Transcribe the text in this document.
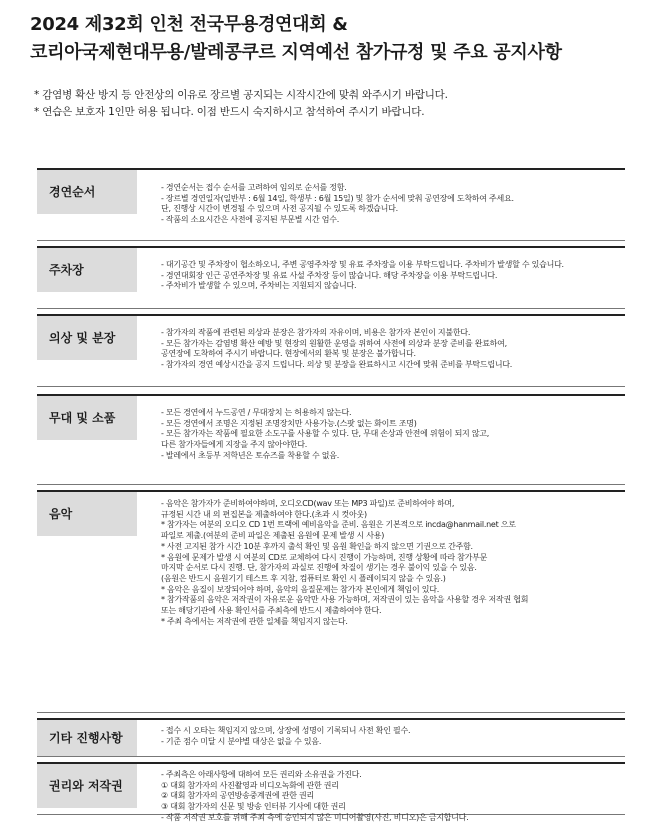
2024 제32회 인천 전국무용경연대회 &
코리아국제현대무용/발레콩쿠르 지역예선 참가규정 및 주요 공지사항
* 감염병 확산 방지 등 안전상의 이유로 장르별 공지되는 시작시간에 맞춰 와주시기 바랍니다.
* 연습은 보호자 1인만 허용 됩니다. 이점 반드시 숙지하시고 참석하여 주시기 바랍니다.
경연순서	- 경연순서는 접수 순서를 고려하여 임의로 순서를 정함.
- 장르별 경연일자(일반부 : 6월 14일, 학생부 : 6월 15일) 및 참가 순서에 맞춰 공연장에 도착하여 주세요.
단, 진행상 시간이 변경될 수 있으며 사전 공지될 수 있도록 하겠습니다.
- 작품의 소요시간은 사전에 공지된 부문별 시간 엄수.
주차장	- 대기공간 및 주차장이 협소하오니, 주변 공영주차장 및 유료 주차장을 이용 부탁드립니다. 주차비가 발생할 수 있습니다.
- 경연대회장 인근 공연주차장 및 유료 사설 주차장 등이 많습니다. 해당 주차장을 이용 부탁드립니다.
- 주차비가 발생할 수 있으며, 주차비는 지원되지 않습니다.
의상 및 분장	- 참가자의 작품에 관련된 의상과 분장은 참가자의 자유이며, 비용은 참가자 본인이 지불한다.
- 모든 참가자는 감염병 확산 예방 및 현장의 원활한 운영을 위하여 사전에 의상과 분장 준비를 완료하여,
공연장에 도착하여 주시기 바랍니다. 현장에서의 환복 및 분장은 불가합니다.
- 참가자의 경연 예상시간을 공지 드립니다. 의상 및 분장을 완료하시고 시간에 맞춰 준비를 부탁드립니다.
무대 및 소품	- 모든 경연에서 누드공연 / 무대장치 는 허용하지 않는다.
- 모든 경연에서 조명은 지정된 조명장치만 사용가능.(스팟 없는 화이트 조명)
- 모든 참가자는 작품에 필요한 소도구를 사용할 수 있다. 단, 무대 손상과 안전에 위험이 되지 않고,
다른 참가자들에게 지장을 주지 않아야한다.
- 발레에서 초등부 저학년은 토슈즈를 착용할 수 없음.
음악
- 음악은 참가자가 준비하여야하며, 오디오CD(wav 또는 MP3 파일)로 준비하여야 하며,
규정된 시간 내 의 편집본을 제출하여야 한다.(초과 시 컷아웃)
* 참가자는 여분의 오디오 CD 1번 트랙에 예비음악을 준비. 음원은 기본적으로 incda@hanmail.net 으로
파일로 제출.(여분의 준비 파일은 제출된 음원에 문제 발생 시 사용)
* 사전 고지된 참가 시간 10분 후까지 출석 확인 및 음원 확인을 하지 않으면 기권으로 간주함.
* 음원에 문제가 발생 시 여분의 CD로 교체하여 다시 진행이 가능하며, 진행 상황에 따라 참가부문
마지막 순서로 다시 진행. 단, 참가자의 과실로 진행에 차질이 생기는 경우 불이익 있을 수 있음.
(음원은 반드시 음원기기 테스트 후 지참, 컴퓨터로 확인 시 플레이되지 않을 수 있음.)
* 음악은 음질이 보장되어야 하며, 음악의 음질문제는 참가자 본인에게 책임이 있다.
* 참가작품의 음악은 저작권이 자유로운 음악만 사용 가능하며, 저작권이 있는 음악을 사용할 경우 저작권 협회
또는 해당기관에 사용 확인서를 주최측에 반드시 제출하여야 한다.
* 주최 측에서는 저작권에 관한 일체를 책임지지 않는다.
기타 진행사항
- 접수 시 오타는 책임지지 않으며, 상장에 성명이 기록되니 사전 확인 필수.
- 기준 점수 미달 시 분야별 대상은 없을 수 있음.
권리와 저작권
- 주최측은 아래사항에 대하여 모든 권리와 소유권을 가진다.
① 대회 참가자의 사진촬영과 비디오녹화에 관한 권리
② 대회 참가자의 공연방송중계권에 관한 권리
③ 대회 참가자의 신문 및 방송 인터뷰 기사에 대한 권리
- 작품 저작권 보호를 위해 주최 측에 승인되지 않은 미디어촬영(사진, 비디오)은 금지합니다.
